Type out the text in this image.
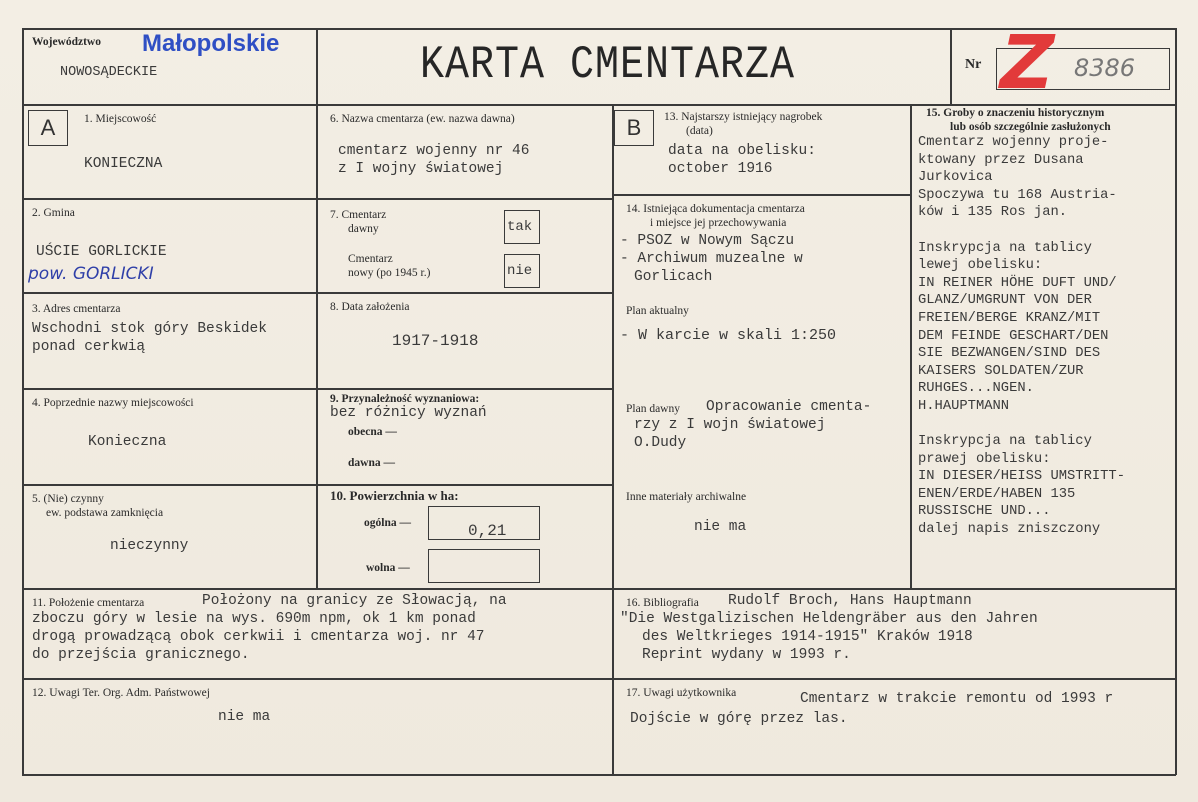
Województwo Małopolskie
NOWOSĄDECKIE	KARTA CMENTARZA	Nr Z 8386
A	1. Miejscowość
KONIECZNA
2. Gmina
UŚCIE GORLICKIE
pow. GORLICKI
3. Adres cmentarza
Wschodni stok góry Beskidek
ponad cerkwią
4. Poprzednie nazwy miejscowości
Konieczna
5. (Nie) czynny
ew. podstawa zamknięcia
nieczynny
6. Nazwa cmentarza (ew. nazwa dawna)
cmentarz wojenny nr 46
z I wojny światowej
7. Cmentarz
dawny	tak
Cmentarz
nowy (po 1945 r.)	nie
8. Data założenia
1917-1918
9. Przynależność wyznaniowa:
bez różnicy wyznań
obecna —
dawna —
10. Powierzchnia w ha:
ogólna —	0,21
wolna —
B	13. Najstarszy istniejący nagrobek
(data)
data na obelisku:
october 1916
14. Istniejąca dokumentacja cmentarza
i miejsce jej przechowywania
- PSOZ w Nowym Sączu
- Archiwum muzealne w
Gorlicach
Plan aktualny
- W karcie w skali 1:250
Plan dawny Opracowanie cmenta-
rzy z I wojn światowej
O.Dudy
Inne materiały archiwalne
nie ma
15. Groby o znaczeniu historycznym
lub osób szczególnie zasłużonych
Cmentarz wojenny proje-
ktowany przez Dusana
Jurkovica
Spoczywa tu 168 Austria-
ków i 135 Ros jan.

Inskrypcja na tablicy
lewej obelisku:
IN REINER HÖHE DUFT UND/
GLANZ/UMGRUNT VON DER
FREIEN/BERGE KRANZ/MIT
DEM FEINDE GESCHART/DEN
SIE BEZWANGEN/SIND DES
KAISERS SOLDATEN/ZUR
RUHGES...NGEN.
H.HAUPTMANN

Inskrypcja na tablicy
prawej obelisku:
IN DIESER/HEISS UMSTRITT-
ENEN/ERDE/HABEN 135
RUSSISCHE UND...
dalej napis zniszczony
11. Położenie cmentarza	Położony na granicy ze Słowacją, na
zboczu góry w lesie na wys. 690m npm, ok 1 km ponad
drogą prowadzącą obok cerkwii i cmentarza woj. nr 47
do przejścia granicznego.
12. Uwagi Ter. Org. Adm. Państwowej
nie ma
16. Bibliografia Rudolf Broch, Hans Hauptmann
"Die Westgalizischen Heldengräber aus den Jahren
des Weltkrieges 1914-1915" Kraków 1918
Reprint wydany w 1993 r.
17. Uwagi użytkownika	Cmentarz w trakcie remontu od 1993 r
Dojście w górę przez las.
